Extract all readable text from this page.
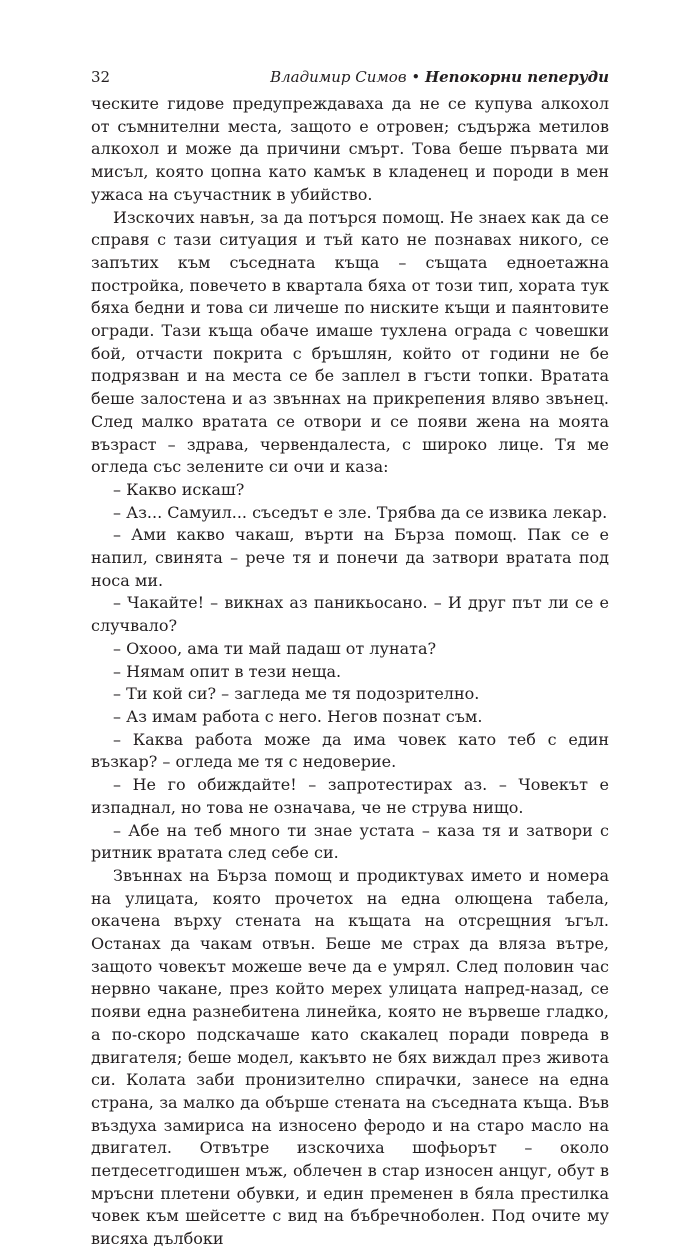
32	Владимир Симов • Непокорни пеперуди

ческите гидове предупреждаваха да не се купува алкохол от съмнителни места, защото е отровен; съдържа метилов алкохол и може да причини смърт. Това беше първата ми мисъл, която цопна като камък в кладенец и породи в мен ужаса на съучастник в убийство.

Изскочих навън, за да потърся помощ. Не знаех как да се справя с тази ситуация и тъй като не познавах никого, се запътих към съседната къща – същата едноетажна постройка, повечето в квартала бяха от този тип, хората тук бяха бедни и това си личеше по ниските къщи и паянтовите огради. Тази къща обаче имаше тухлена ограда с човешки бой, отчасти покрита с бръшлян, който от години не бе подрязван и на места се бе заплел в гъсти топки. Вратата беше залостена и аз звъннах на прикрепения вляво звънец. След малко вратата се отвори и се появи жена на моята възраст – здрава, червендалеста, с широко лице. Тя ме огледа със зелените си очи и каза:

– Какво искаш?

– Аз... Самуил... съседът е зле. Трябва да се извика лекар.

– Ами какво чакаш, върти на Бърза помощ. Пак се е напил, свинята – рече тя и понечи да затвори вратата под носа ми.

– Чакайте! – викнах аз паникьосано. – И друг път ли се е случвало?

– Охооо, ама ти май падаш от луната?

– Нямам опит в тези неща.

– Ти кой си? – загледа ме тя подозрително.

– Аз имам работа с него. Негов познат съм.

– Каква работа може да има човек като теб с един възкар? – огледа ме тя с недоверие.

– Не го обиждайте! – запротестирах аз. – Човекът е изпаднал, но това не означава, че не струва нищо.

– Абе на теб много ти знае устата – каза тя и затвори с ритник вратата след себе си.

Звъннах на Бърза помощ и продиктувах името и номера на улицата, която прочетох на една олющена табела, окачена върху стената на къщата на отсрещния ъгъл. Останах да чакам отвън. Беше ме страх да вляза вътре, защото човекът можеше вече да е умрял. След половин час нервно чакане, през който мерех улицата напред-назад, се появи една разнебитена линейка, която не вървеше гладко, а по-скоро подскачаше като скакалец поради повреда в двигателя; беше модел, какъвто не бях виждал през живота си. Колата заби пронизително спирачки, занесе на една страна, за малко да обърше стената на съседната къща. Във въздуха замириса на износено феродо и на старо масло на двигател. Отвътре изскочиха шофьорът – около петдесетгодишен мъж, облечен в стар износен анцуг, обут в мръсни плетени обувки, и един пременен в бяла престилка човек към шейсетте с вид на бъбречноболен. Под очите му висяха дълбоки
